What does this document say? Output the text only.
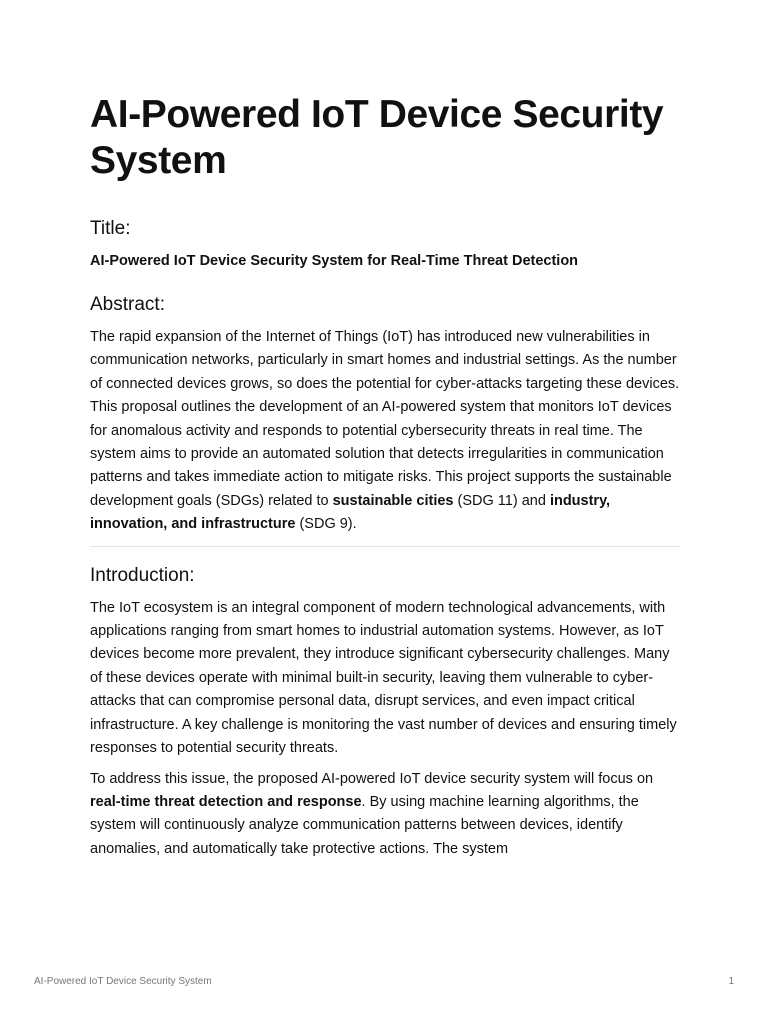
AI-Powered IoT Device Security System
Title:
AI-Powered IoT Device Security System for Real-Time Threat Detection
Abstract:

The rapid expansion of the Internet of Things (IoT) has introduced new vulnerabilities in communication networks, particularly in smart homes and industrial settings. As the number of connected devices grows, so does the potential for cyber-attacks targeting these devices. This proposal outlines the development of an AI-powered system that monitors IoT devices for anomalous activity and responds to potential cybersecurity threats in real time. The system aims to provide an automated solution that detects irregularities in communication patterns and takes immediate action to mitigate risks. This project supports the sustainable development goals (SDGs) related to sustainable cities (SDG 11) and industry, innovation, and infrastructure (SDG 9).

Introduction:

The IoT ecosystem is an integral component of modern technological advancements, with applications ranging from smart homes to industrial automation systems. However, as IoT devices become more prevalent, they introduce significant cybersecurity challenges. Many of these devices operate with minimal built-in security, leaving them vulnerable to cyber-attacks that can compromise personal data, disrupt services, and even impact critical infrastructure. A key challenge is monitoring the vast number of devices and ensuring timely responses to potential security threats.

To address this issue, the proposed AI-powered IoT device security system will focus on real-time threat detection and response. By using machine learning algorithms, the system will continuously analyze communication patterns between devices, identify anomalies, and automatically take protective actions. The system

AI-Powered IoT Device Security System	1
